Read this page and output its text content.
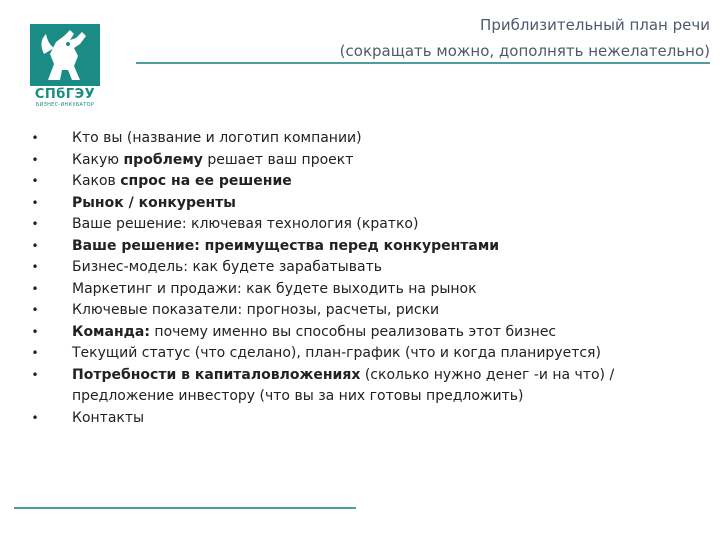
СПбГЭУ
БИЗНЕС-ИНКУБАТОР
Приблизительный план речи
(сокращать можно, дополнять нежелательно)
• Кто вы (название и логотип компании)
• Какую проблему решает ваш проект
• Каков спрос на ее решение
• Рынок / конкуренты
• Ваше решение: ключевая технология (кратко)
• Ваше решение: преимущества перед конкурентами
• Бизнес-модель: как будете зарабатывать
• Маркетинг и продажи: как будете выходить на рынок
• Ключевые показатели: прогнозы, расчеты, риски
• Команда: почему именно вы способны реализовать этот бизнес
• Текущий статус (что сделано), план-график (что и когда планируется)
• Потребности в капиталовложениях (сколько нужно денег -и на что) / предложение инвестору (что вы за них готовы предложить)
• Контакты
